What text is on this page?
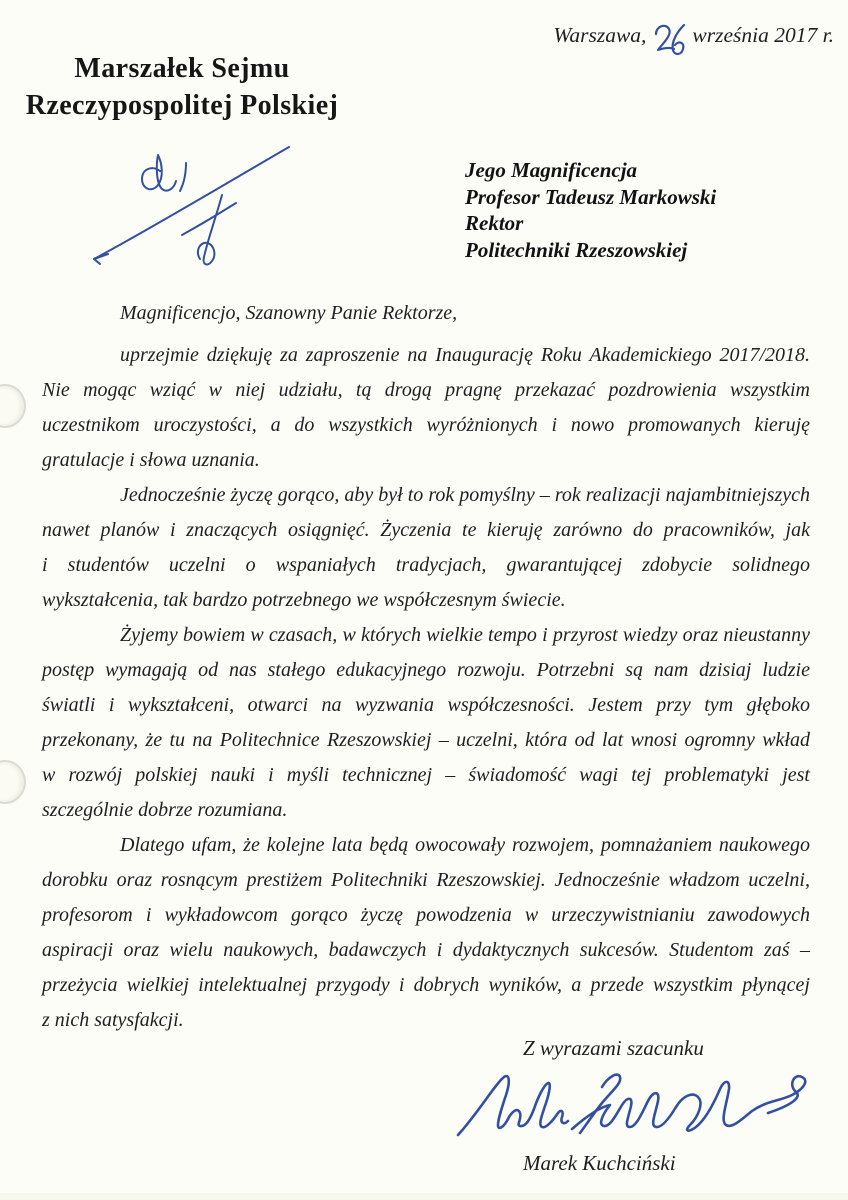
Warszawa, września 2017 r.
Marszałek Sejmu
Rzeczypospolitej Polskiej
Jego Magnificencja
Profesor Tadeusz Markowski
Rektor
Politechniki Rzeszowskiej
Magnificencjo, Szanowny Panie Rektorze,
uprzejmie dziękuję za zaproszenie na Inaugurację Roku Akademickiego 2017/2018.
Nie mogąc wziąć w niej udziału, tą drogą pragnę przekazać pozdrowienia wszystkim
uczestnikom uroczystości, a do wszystkich wyróżnionych i nowo promowanych kieruję
gratulacje i słowa uznania.
Jednocześnie życzę gorąco, aby był to rok pomyślny – rok realizacji najambitniejszych
nawet planów i znaczących osiągnięć. Życzenia te kieruję zarówno do pracowników, jak
i studentów uczelni o wspaniałych tradycjach, gwarantującej zdobycie solidnego
wykształcenia, tak bardzo potrzebnego we współczesnym świecie.
Żyjemy bowiem w czasach, w których wielkie tempo i przyrost wiedzy oraz nieustanny
postęp wymagają od nas stałego edukacyjnego rozwoju. Potrzebni są nam dzisiaj ludzie
światli i wykształceni, otwarci na wyzwania współczesności. Jestem przy tym głęboko
przekonany, że tu na Politechnice Rzeszowskiej – uczelni, która od lat wnosi ogromny wkład
w rozwój polskiej nauki i myśli technicznej – świadomość wagi tej problematyki jest
szczególnie dobrze rozumiana.
Dlatego ufam, że kolejne lata będą owocowały rozwojem, pomnażaniem naukowego
dorobku oraz rosnącym prestiżem Politechniki Rzeszowskiej. Jednocześnie władzom uczelni,
profesorom i wykładowcom gorąco życzę powodzenia w urzeczywistnianiu zawodowych
aspiracji oraz wielu naukowych, badawczych i dydaktycznych sukcesów. Studentom zaś –
przeżycia wielkiej intelektualnej przygody i dobrych wyników, a przede wszystkim płynącej
z nich satysfakcji.
Z wyrazami szacunku
Marek Kuchciński
